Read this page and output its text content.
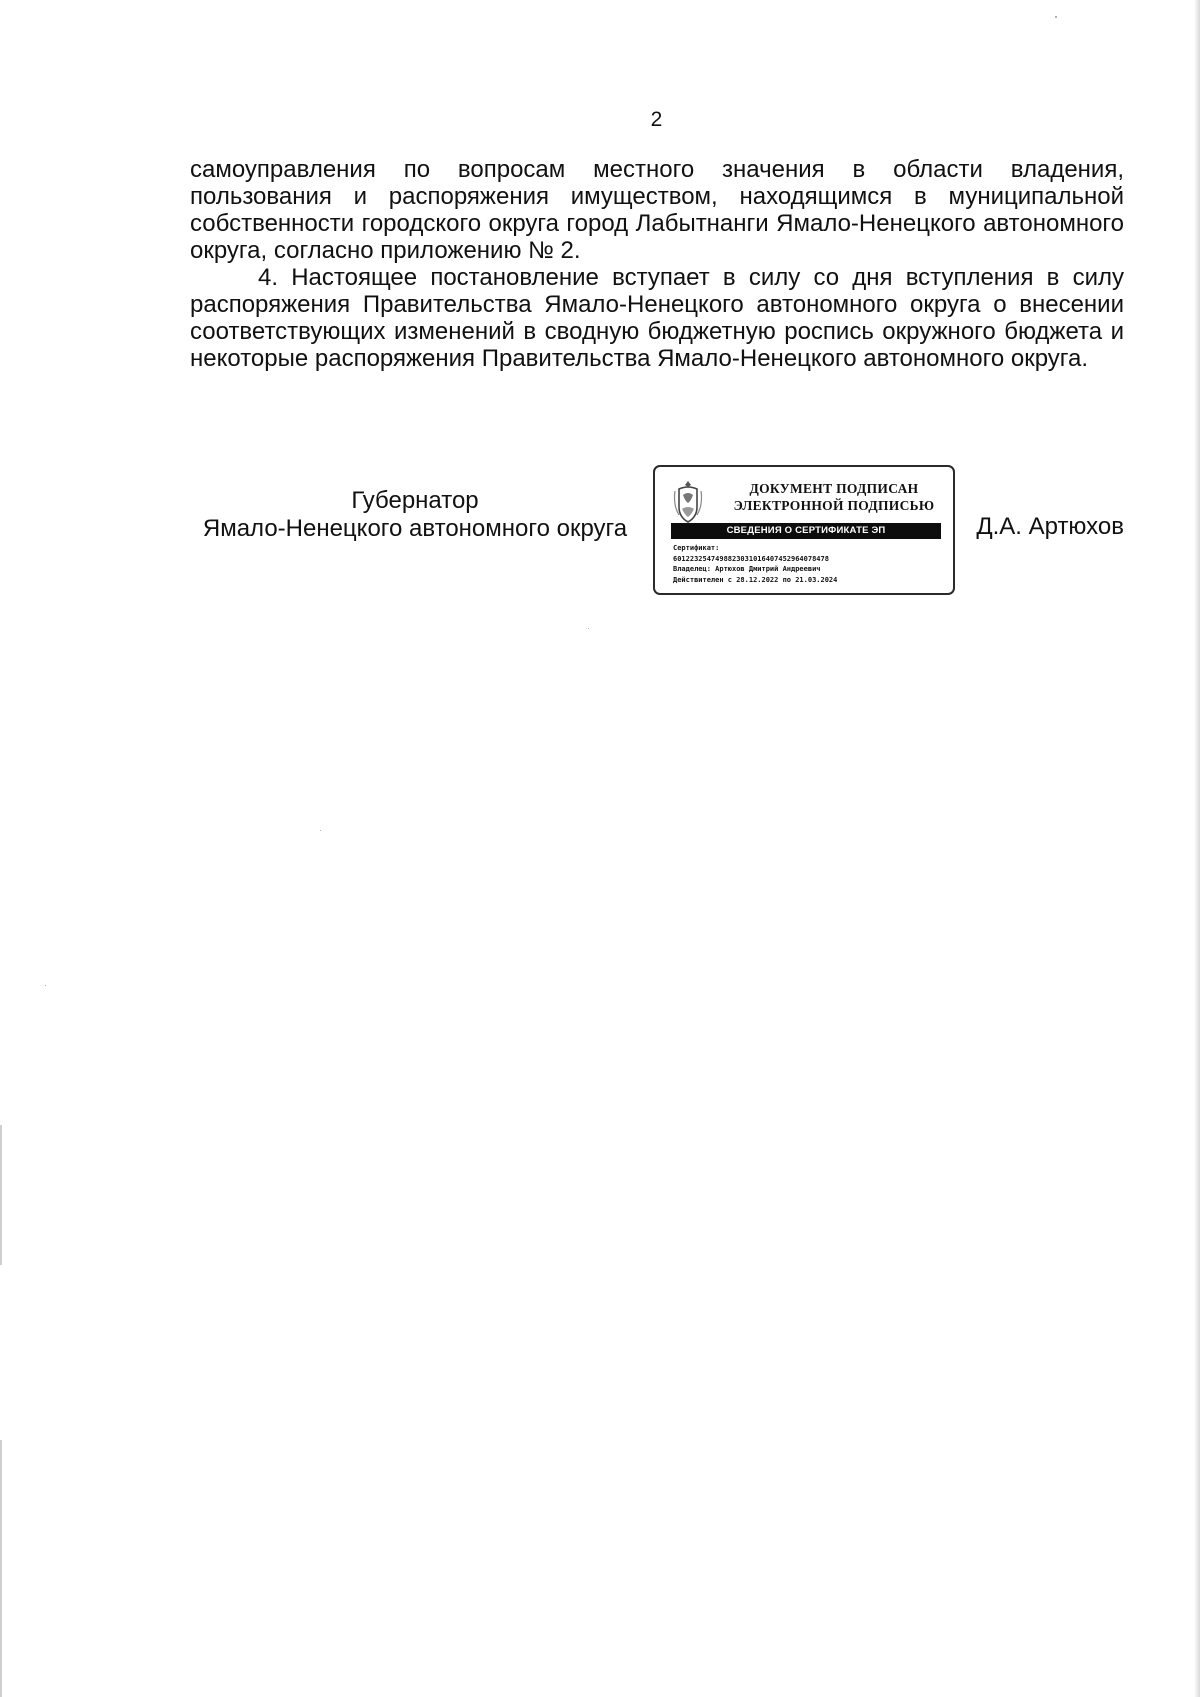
2

самоуправления по вопросам местного значения в области владения, пользования и распоряжения имуществом, находящимся в муниципальной собственности городского округа город Лабытнанги Ямало-Ненецкого автономного округа, согласно приложению № 2.

4. Настоящее постановление вступает в силу со дня вступления в силу распоряжения Правительства Ямало-Ненецкого автономного округа о внесении соответствующих изменений в сводную бюджетную роспись окружного бюджета и некоторые распоряжения Правительства Ямало-Ненецкого автономного округа.

Губернатор
Ямало-Ненецкого автономного округа
ДОКУМЕНТ ПОДПИСАН
ЭЛЕКТРОННОЙ ПОДПИСЬЮ
СВЕДЕНИЯ О СЕРТИФИКАТЕ ЭП
Сертификат:
6012232547498823031016407452964078478
Владелец: Артюхов Дмитрий Андреевич
Действителен с 28.12.2022 по 21.03.2024
Д.А. Артюхов
